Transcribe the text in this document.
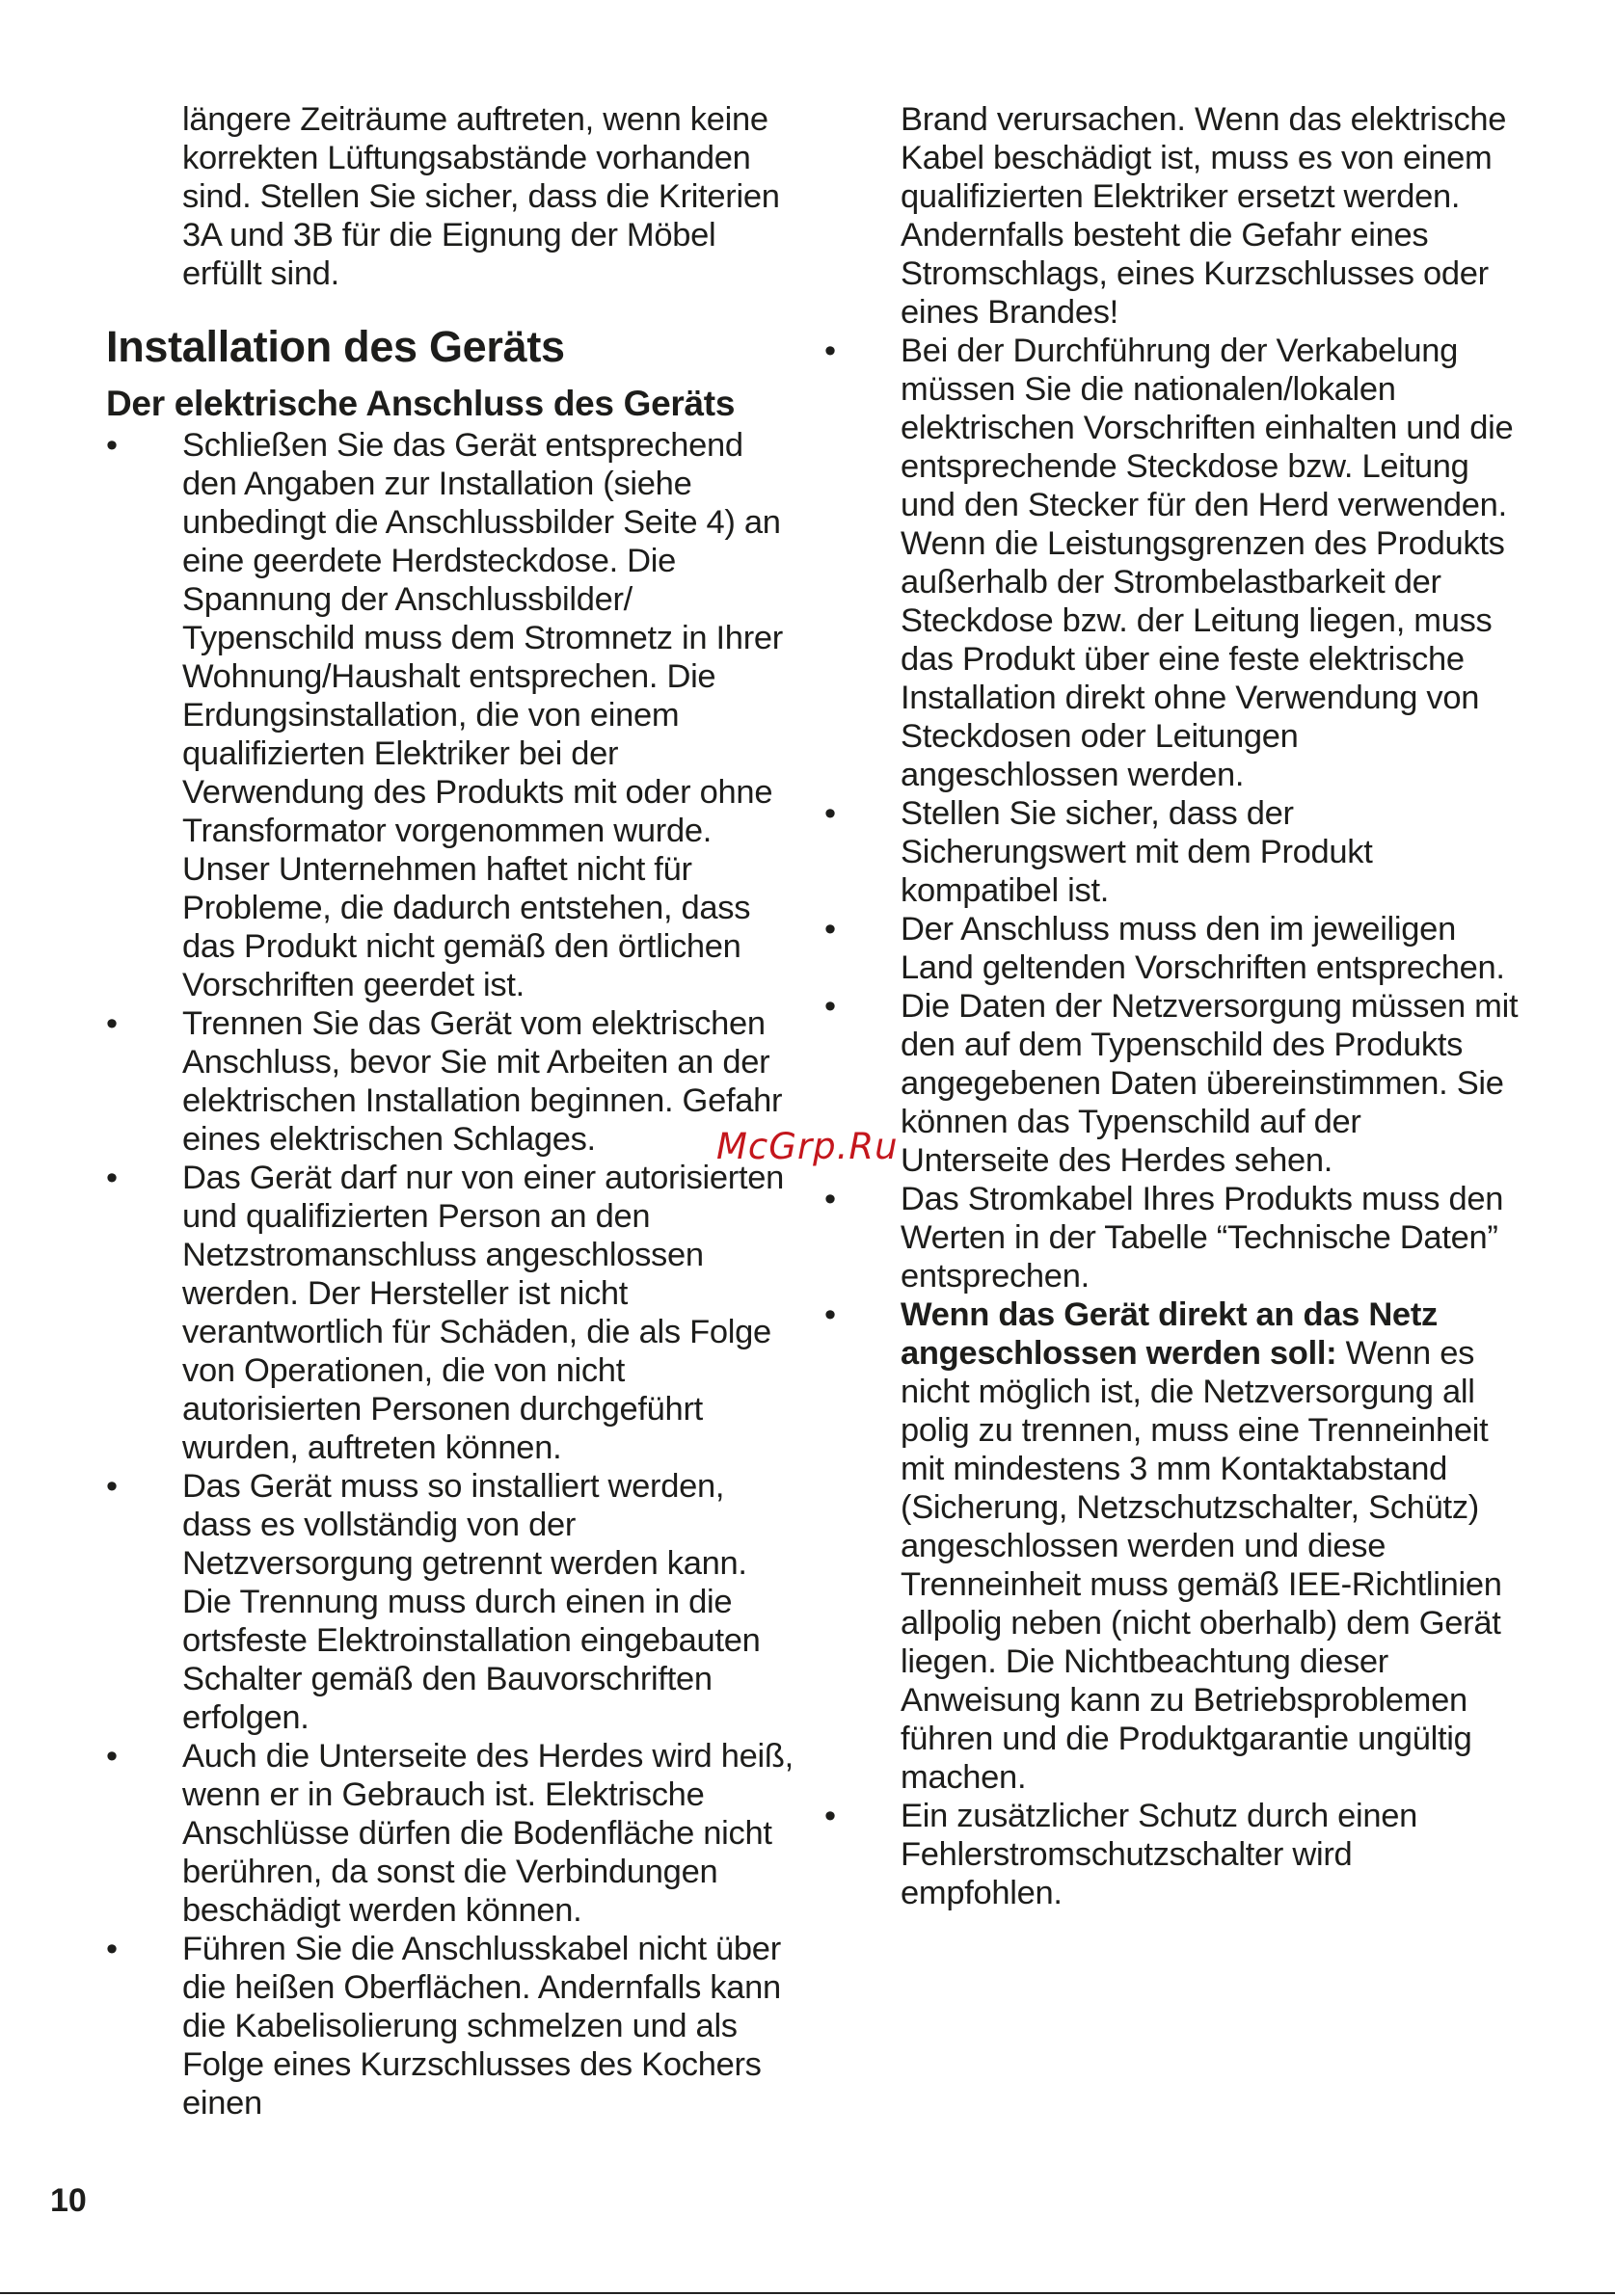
längere Zeiträume auftreten, wenn keine korrekten Lüftungsabstände vorhanden sind. Stellen Sie sicher, dass die Kriterien 3A und 3B für die Eignung der Möbel erfüllt sind.

Installation des Geräts
Der elektrische Anschluss des Geräts
• Schließen Sie das Gerät entsprechend den Angaben zur Installation (siehe unbedingt die Anschlussbilder Seite 4) an eine geerdete Herdsteckdose. Die Spannung der Anschlussbilder/ Typenschild muss dem Stromnetz in Ihrer Wohnung/Haushalt entsprechen. Die Erdungsinstallation, die von einem qualifizierten Elektriker bei der Verwendung des Produkts mit oder ohne Transformator vorgenommen wurde. Unser Unternehmen haftet nicht für Probleme, die dadurch entstehen, dass das Produkt nicht gemäß den örtlichen Vorschriften geerdet ist.
• Trennen Sie das Gerät vom elektrischen Anschluss, bevor Sie mit Arbeiten an der elektrischen Installation beginnen. Gefahr eines elektrischen Schlages.
• Das Gerät darf nur von einer autorisierten und qualifizierten Person an den Netzstromanschluss angeschlossen werden. Der Hersteller ist nicht verantwortlich für Schäden, die als Folge von Operationen, die von nicht autorisierten Personen durchgeführt wurden, auftreten können.
• Das Gerät muss so installiert werden, dass es vollständig von der Netzversorgung getrennt werden kann. Die Trennung muss durch einen in die ortsfeste Elektroinstallation eingebauten Schalter gemäß den Bauvorschriften erfolgen.
• Auch die Unterseite des Herdes wird heiß, wenn er in Gebrauch ist. Elektrische Anschlüsse dürfen die Bodenfläche nicht berühren, da sonst die Verbindungen beschädigt werden können.
• Führen Sie die Anschlusskabel nicht über die heißen Oberflächen. Andernfalls kann die Kabelisolierung schmelzen und als Folge eines Kurzschlusses des Kochers einen

Brand verursachen. Wenn das elektrische Kabel beschädigt ist, muss es von einem qualifizierten Elektriker ersetzt werden. Andernfalls besteht die Gefahr eines Stromschlags, eines Kurzschlusses oder eines Brandes!

• Bei der Durchführung der Verkabelung müssen Sie die nationalen/lokalen elektrischen Vorschriften einhalten und die entsprechende Steckdose bzw. Leitung und den Stecker für den Herd verwenden. Wenn die Leistungsgrenzen des Produkts außerhalb der Strombelastbarkeit der Steckdose bzw. der Leitung liegen, muss das Produkt über eine feste elektrische Installation direkt ohne Verwendung von Steckdosen oder Leitungen angeschlossen werden.
• Stellen Sie sicher, dass der Sicherungswert mit dem Produkt kompatibel ist.
• Der Anschluss muss den im jeweiligen Land geltenden Vorschriften entsprechen.
• Die Daten der Netzversorgung müssen mit den auf dem Typenschild des Produkts angegebenen Daten übereinstimmen. Sie können das Typenschild auf der Unterseite des Herdes sehen.
• Das Stromkabel Ihres Produkts muss den Werten in der Tabelle “Technische Daten” entsprechen.
• Wenn das Gerät direkt an das Netz angeschlossen werden soll: Wenn es nicht möglich ist, die Netzversorgung all polig zu trennen, muss eine Trenneinheit mit mindestens 3 mm Kontaktabstand (Sicherung, Netzschutzschalter, Schütz) angeschlossen werden und diese Trenneinheit muss gemäß IEE-Richtlinien allpolig neben (nicht oberhalb) dem Gerät liegen. Die Nichtbeachtung dieser Anweisung kann zu Betriebsproblemen führen und die Produktgarantie ungültig machen.
• Ein zusätzlicher Schutz durch einen Fehlerstromschutzschalter wird empfohlen.
McGrp.Ru
10
